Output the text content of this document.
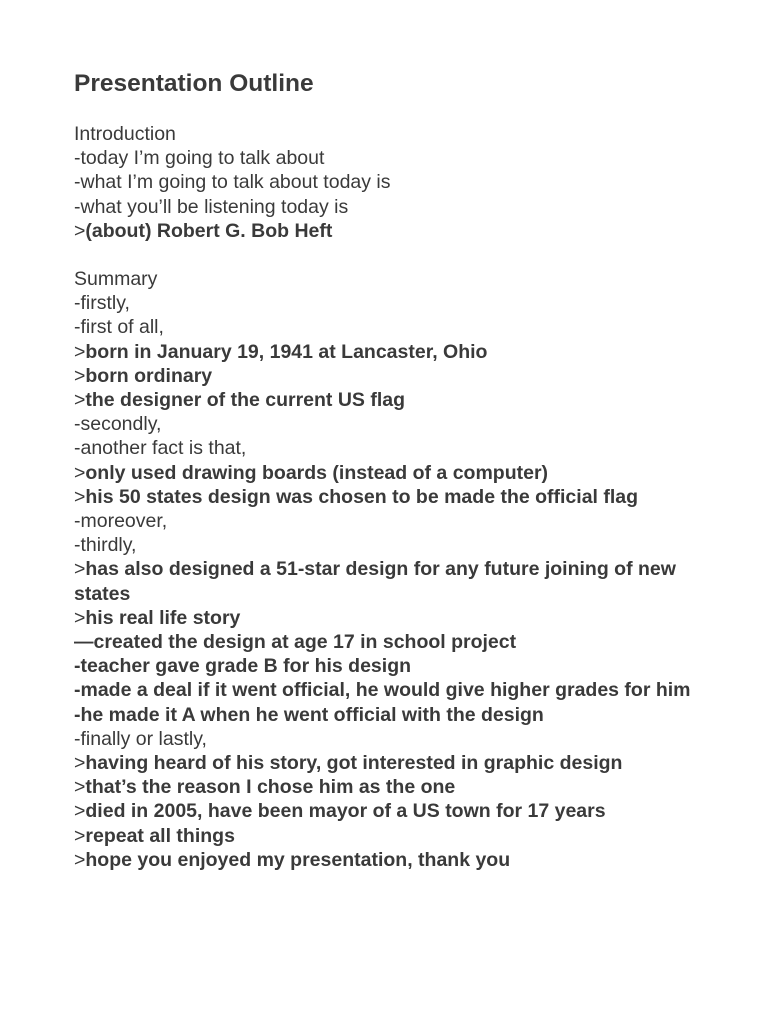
Presentation Outline
Introduction
-today I’m going to talk about
-what I’m going to talk about today is
-what you’ll be listening today is
>(about) Robert G. Bob Heft
Summary
-firstly,
-first of all,
>born in January 19, 1941 at Lancaster, Ohio
>born ordinary
>the designer of the current US flag
-secondly,
-another fact is that,
>only used drawing boards (instead of a computer)
>his 50 states design was chosen to be made the official flag
-moreover,
-thirdly,
>has also designed a 51-star design for any future joining of new states
>his real life story
—created the design at age 17 in school project
-teacher gave grade B for his design
-made a deal if it went official, he would give higher grades for him
-he made it A when he went official with the design
-finally or lastly,
>having heard of his story, got interested in graphic design
>that’s the reason I chose him as the one
>died in 2005, have been mayor of a US town for 17 years
>repeat all things
>hope you enjoyed my presentation, thank you
